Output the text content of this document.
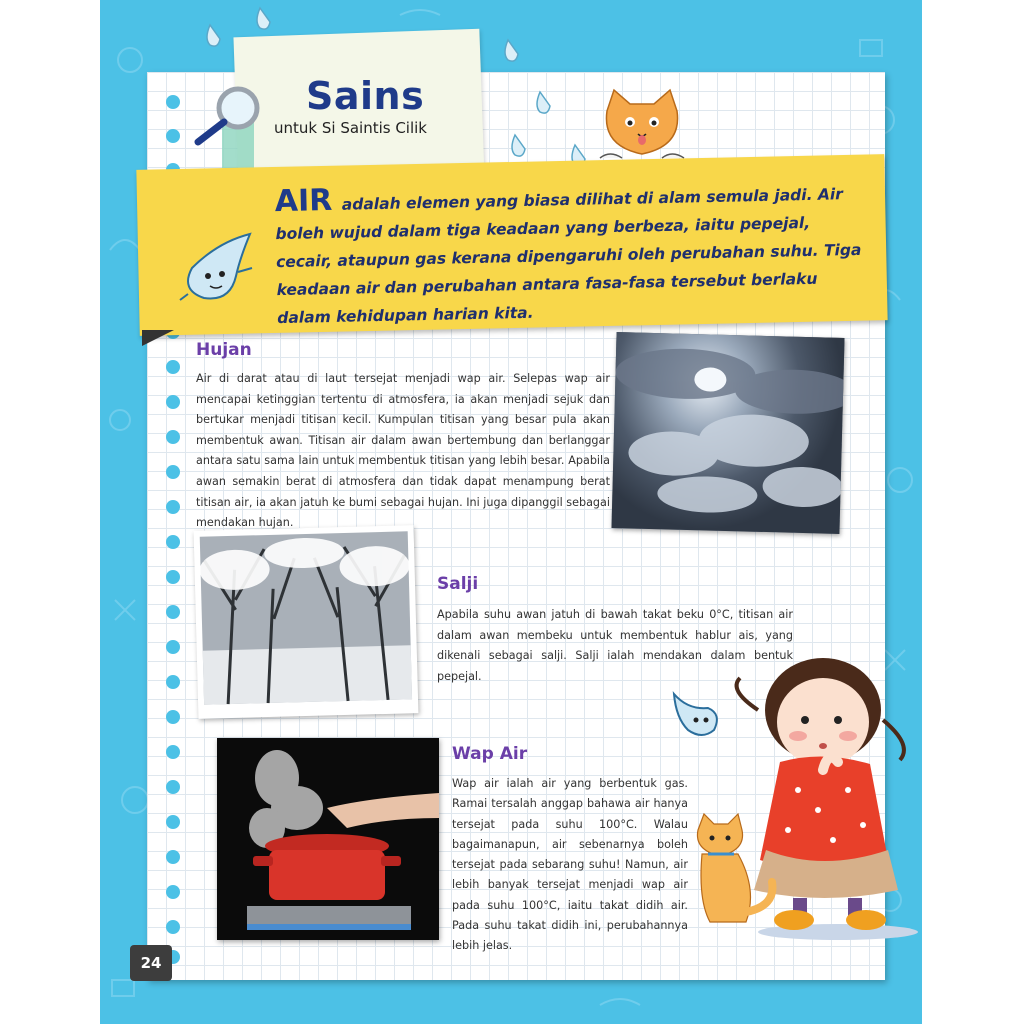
Sains
untuk Si Saintis Cilik
AIR adalah elemen yang biasa dilihat di alam semula jadi. Air boleh wujud dalam tiga keadaan yang berbeza, iaitu pepejal, cecair, ataupun gas kerana dipengaruhi oleh perubahan suhu. Tiga keadaan air dan perubahan antara fasa-fasa tersebut berlaku dalam kehidupan harian kita.
Hujan
Air di darat atau di laut tersejat menjadi wap air. Selepas wap air mencapai ketinggian tertentu di atmosfera, ia akan menjadi sejuk dan bertukar menjadi titisan kecil. Kumpulan titisan yang besar pula akan membentuk awan. Titisan air dalam awan bertembung dan berlanggar antara satu sama lain untuk membentuk titisan yang lebih besar. Apabila awan semakin berat di atmosfera dan tidak dapat menampung berat titisan air, ia akan jatuh ke bumi sebagai hujan. Ini juga dipanggil sebagai mendakan hujan.
Salji
Apabila suhu awan jatuh di bawah takat beku 0°C, titisan air dalam awan membeku untuk membentuk hablur ais, yang dikenali sebagai salji. Salji ialah mendakan dalam bentuk pepejal.
Wap Air
Wap air ialah air yang berbentuk gas. Ramai tersalah anggap bahawa air hanya tersejat pada suhu 100°C. Walau bagaimanapun, air sebenarnya boleh tersejat pada sebarang suhu! Namun, air lebih banyak tersejat menjadi wap air pada suhu 100°C, iaitu takat didih air. Pada suhu takat didih ini, perubahannya lebih jelas.
24
